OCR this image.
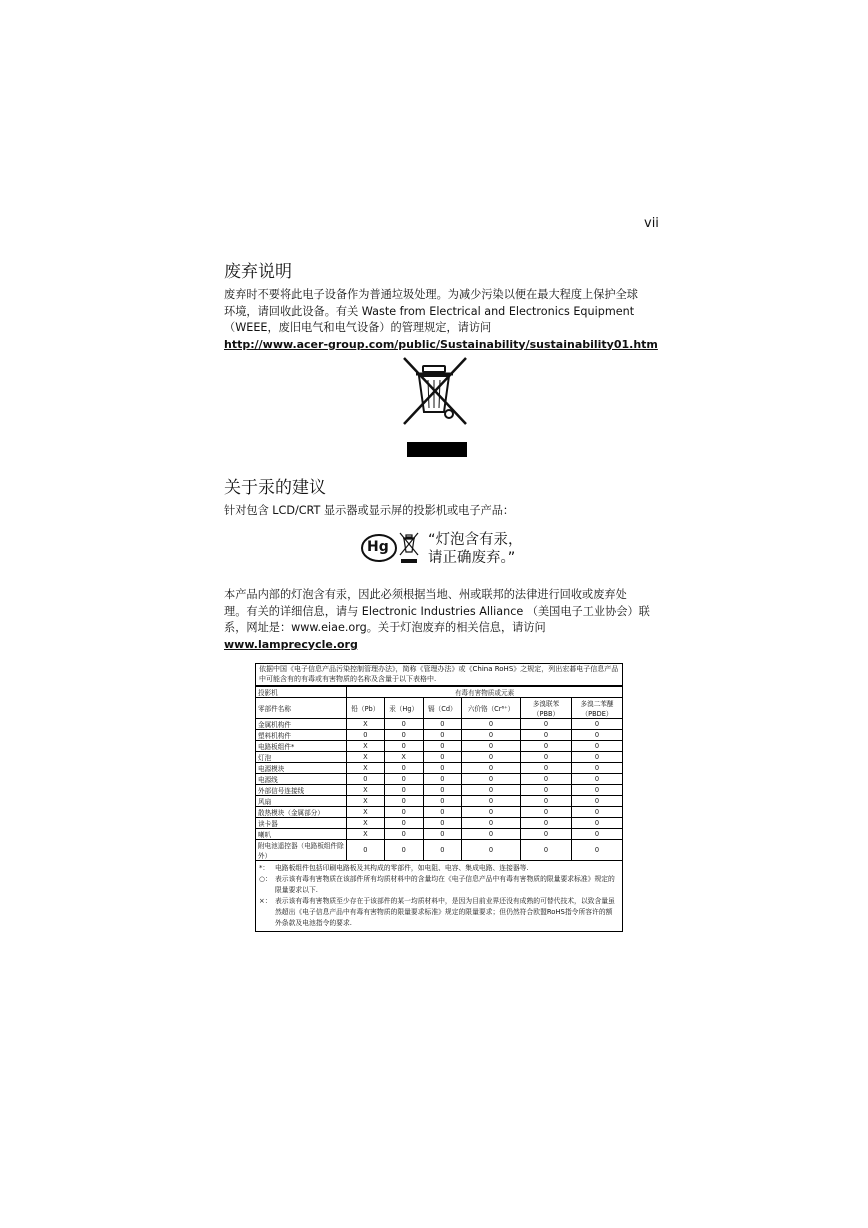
vii
废弃说明
废弃时不要将此电子设备作为普通垃圾处理。为减少污染以便在最大程度上保护全球
环境，请回收此设备。有关 Waste from Electrical and Electronics Equipment
（WEEE，废旧电气和电气设备）的管理规定，请访问
http://www.acer-group.com/public/Sustainability/sustainability01.htm
关于汞的建议
针对包含 LCD/CRT 显示器或显示屏的投影机或电子产品：
Hg	“灯泡含有汞，
请正确废弃。”
本产品内部的灯泡含有汞，因此必须根据当地、州或联邦的法律进行回收或废弃处
理。有关的详细信息，请与 Electronic Industries Alliance （美国电子工业协会）联
系，网址是：www.eiae.org。关于灯泡废弃的相关信息，请访问
www.lamprecycle.org
依据中国《电子信息产品污染控制管理办法》，简称《管理办法》或《China RoHS》之规定，列出宏碁电子信息产品中可能含有的有毒或有害物质的名称及含量于以下表格中.
投影机	有毒有害物质或元素					
零部件名称	铅（Pb）	汞（Hg）	镉（Cd）	六价铬（Cr⁶⁺）	多溴联苯（PBB）	多溴二苯醚（PBDE）
金属机构件	X	0	0	0	0	0
塑料机构件	0	0	0	0	0	0
电路板组件*	X	0	0	0	0	0
灯泡	X	X	0	0	0	0
电源模块	X	0	0	0	0	0
电源线	0	0	0	0	0	0
外部信号连接线	X	0	0	0	0	0
风扇	X	0	0	0	0	0
散热模块（金属部分）	X	0	0	0	0	0
读卡器	X	0	0	0	0	0
喇叭	X	0	0	0	0	0
附电池遥控器（电路板组件除外）	0	0	0	0	0	0
*： 电路板组件包括印刷电路板及其构成的零部件，如电阻、电容、集成电路、连接器等.
○： 表示该有毒有害物质在该部件所有均质材料中的含量均在《电子信息产品中有毒有害物质的限量要求标准》规定的限量要求以下.
×： 表示该有毒有害物质至少存在于该部件的某一均质材料中，是因为目前业界还没有成熟的可替代技术，以致含量虽然超出《电子信息产品中有毒有害物质的限量要求标准》规定的限量要求；但仍然符合欧盟RoHS指令所容许的额外条款及电池指令的要求.
